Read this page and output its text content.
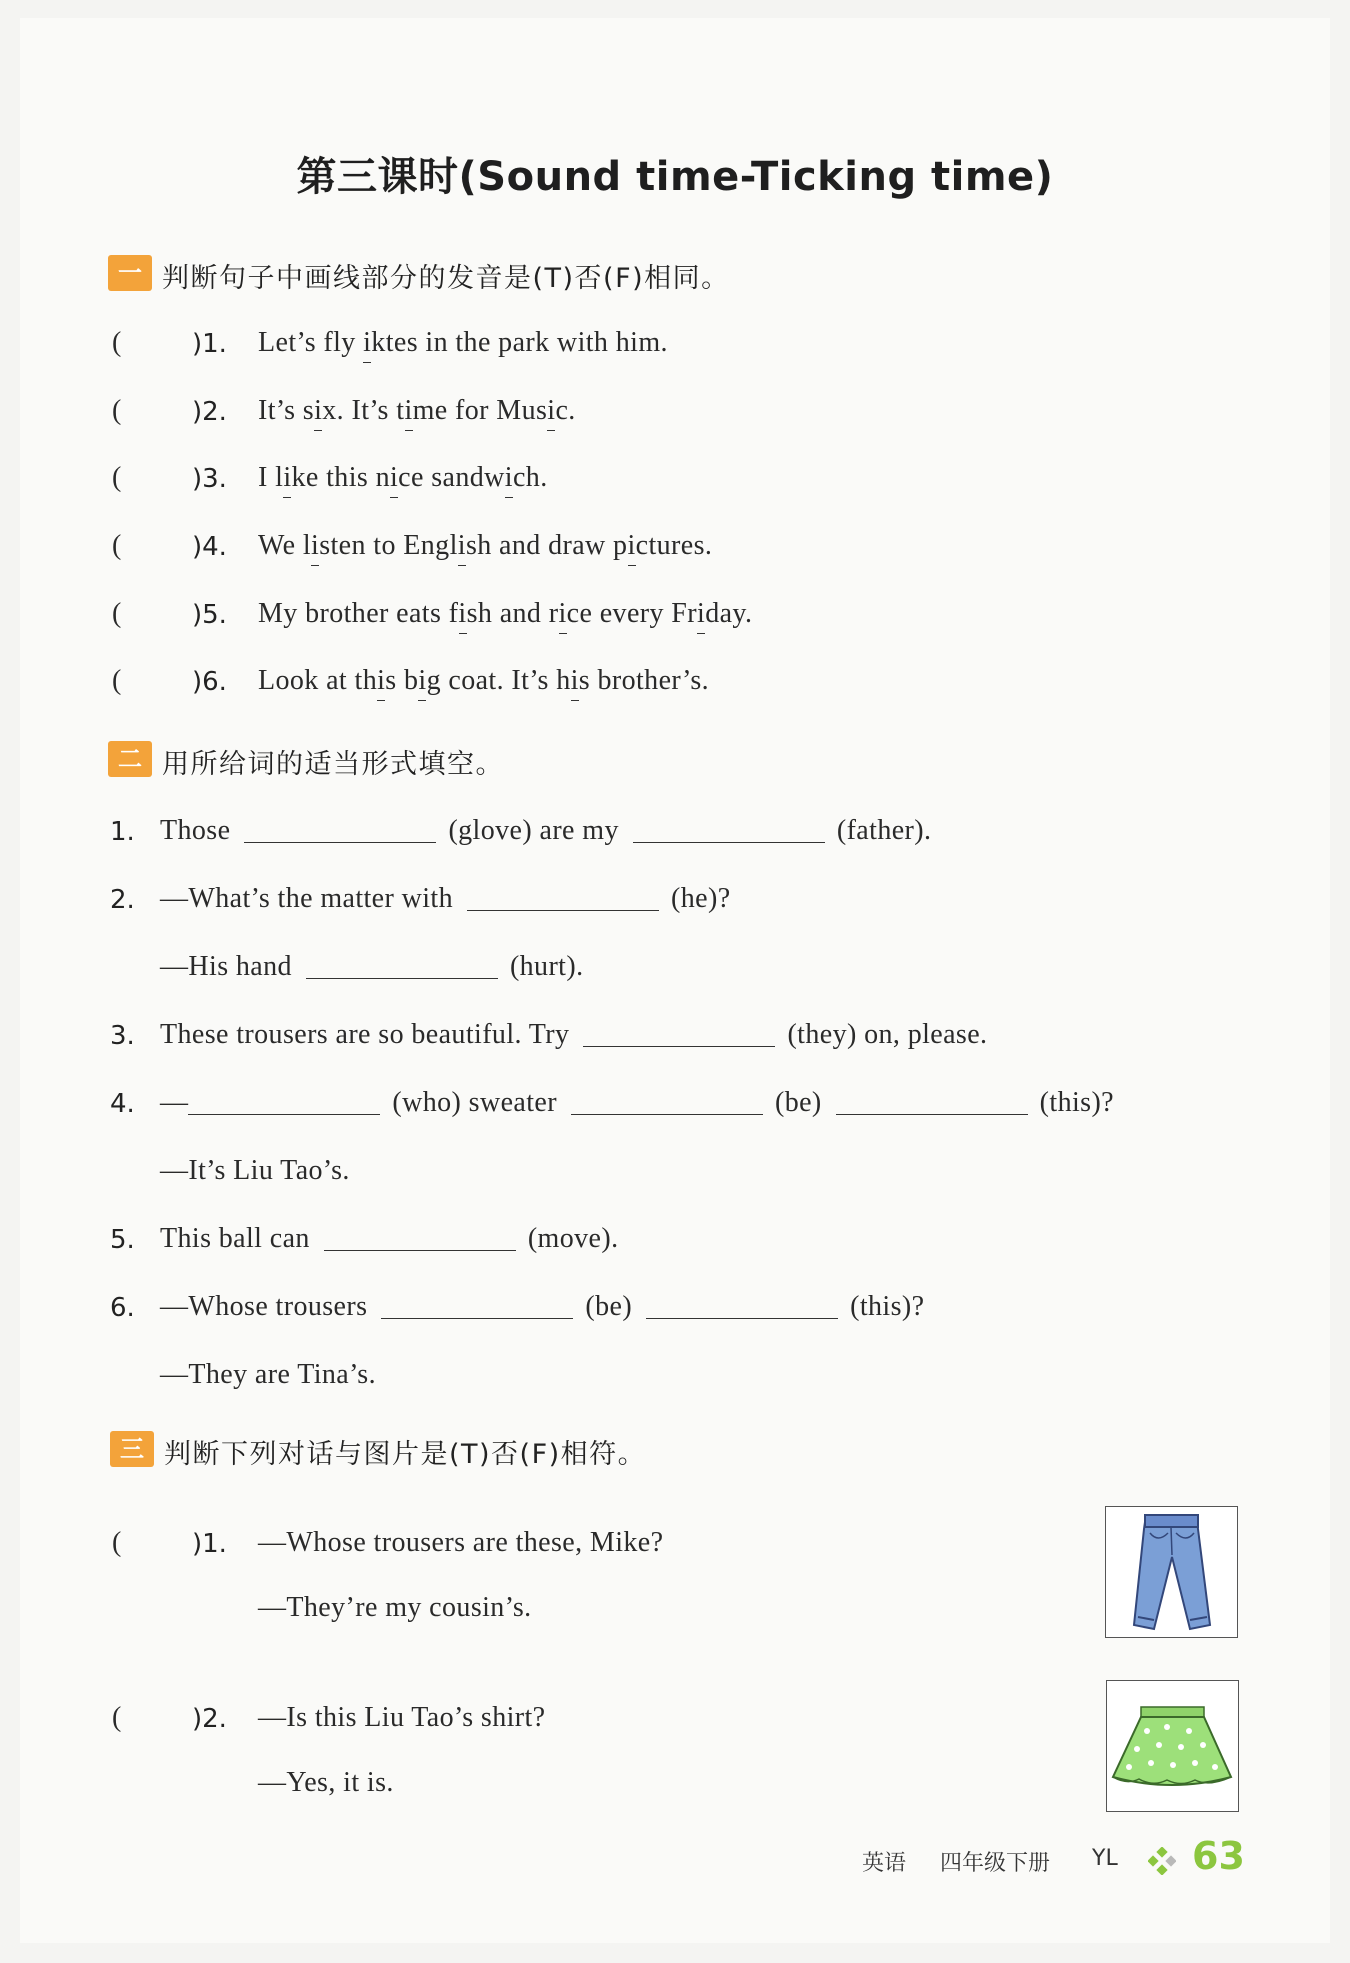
第三课时(Sound time-Ticking time)
一 判断句子中画线部分的发音是(T)否(F)相同。
(	)1. Let’s fly iktes in the park with him.
(	)2. It’s six. It’s time for Music.
(	)3. I like this nice sandwich.
(	)4. We listen to English and draw pictures.
(	)5. My brother eats fish and rice every Friday.
(	)6. Look at this big coat. It’s his brother’s.
二 用所给词的适当形式填空。
1. Those	(glove) are my	(father).
2. —What’s the matter with	(he)?
—His hand	(hurt).
3. These trousers are so beautiful. Try	(they) on, please.
4. —	(who) sweater	(be)	(this)?
—It’s Liu Tao’s.
5. This ball can	(move).
6. —Whose trousers	(be)	(this)?
—They are Tina’s.
三 判断下列对话与图片是(T)否(F)相符。
(	)1. —Whose trousers are these, Mike?
—They’re my cousin’s.
(	)2. —Is this Liu Tao’s shirt?
—Yes, it is.
英语 四年级下册 YL 63
